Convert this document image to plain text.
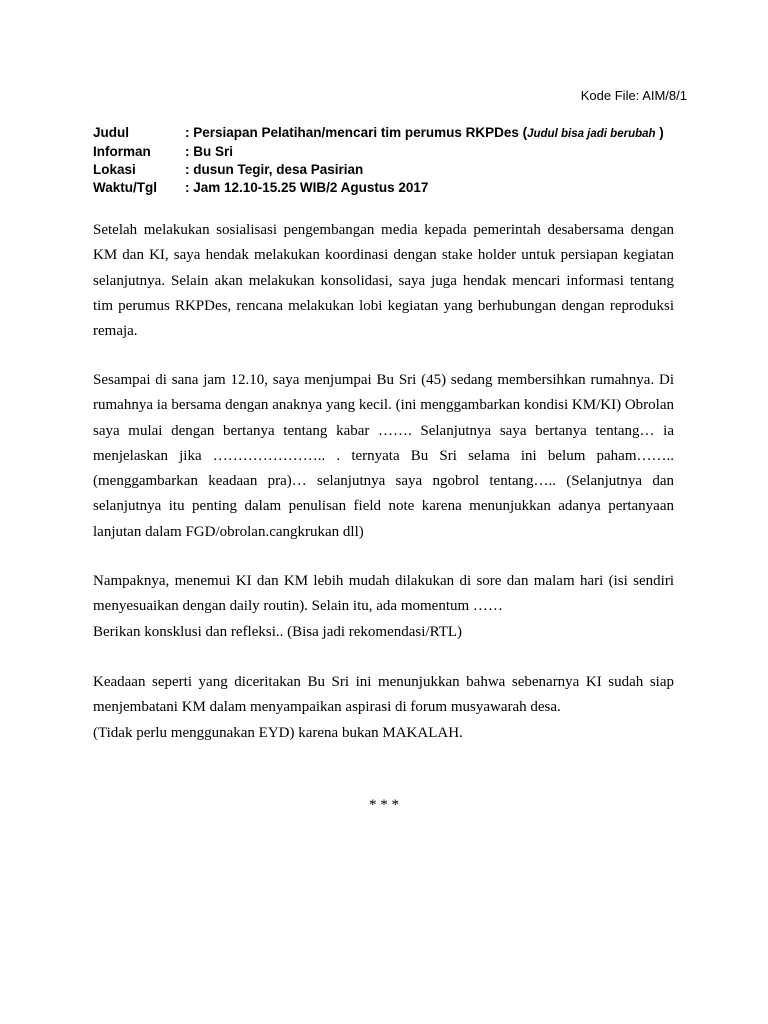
Kode File: AIM/8/1
Judul	: Persiapan Pelatihan/mencari tim perumus RKPDes (Judul bisa jadi berubah )
Informan	: Bu Sri
Lokasi	: dusun Tegir, desa Pasirian
Waktu/Tgl	: Jam 12.10-15.25 WIB/2 Agustus 2017

Setelah melakukan sosialisasi pengembangan media kepada pemerintah desabersama dengan KM dan KI, saya hendak melakukan koordinasi dengan stake holder untuk persiapan kegiatan selanjutnya. Selain akan melakukan konsolidasi, saya juga hendak mencari informasi tentang tim perumus RKPDes, rencana melakukan lobi kegiatan yang berhubungan dengan reproduksi remaja.

Sesampai di sana jam 12.10, saya menjumpai Bu Sri (45) sedang membersihkan rumahnya. Di rumahnya ia bersama dengan anaknya yang kecil. (ini menggambarkan kondisi KM/KI) Obrolan saya mulai dengan bertanya tentang kabar ……. Selanjutnya saya bertanya tentang… ia menjelaskan jika ………………….. . ternyata Bu Sri selama ini belum paham…….. (menggambarkan keadaan pra)… selanjutnya saya ngobrol tentang….. (Selanjutnya dan selanjutnya itu penting dalam penulisan field note karena menunjukkan adanya pertanyaan lanjutan dalam FGD/obrolan.cangkrukan dll)

Nampaknya, menemui KI dan KM lebih mudah dilakukan di sore dan malam hari (isi sendiri menyesuaikan dengan daily routin). Selain itu, ada momentum ……

Berikan konsklusi dan refleksi.. (Bisa jadi rekomendasi/RTL)

Keadaan seperti yang diceritakan Bu Sri ini menunjukkan bahwa sebenarnya KI sudah siap menjembatani KM dalam menyampaikan aspirasi di forum musyawarah desa.

(Tidak perlu menggunakan EYD) karena bukan MAKALAH.

* * *
